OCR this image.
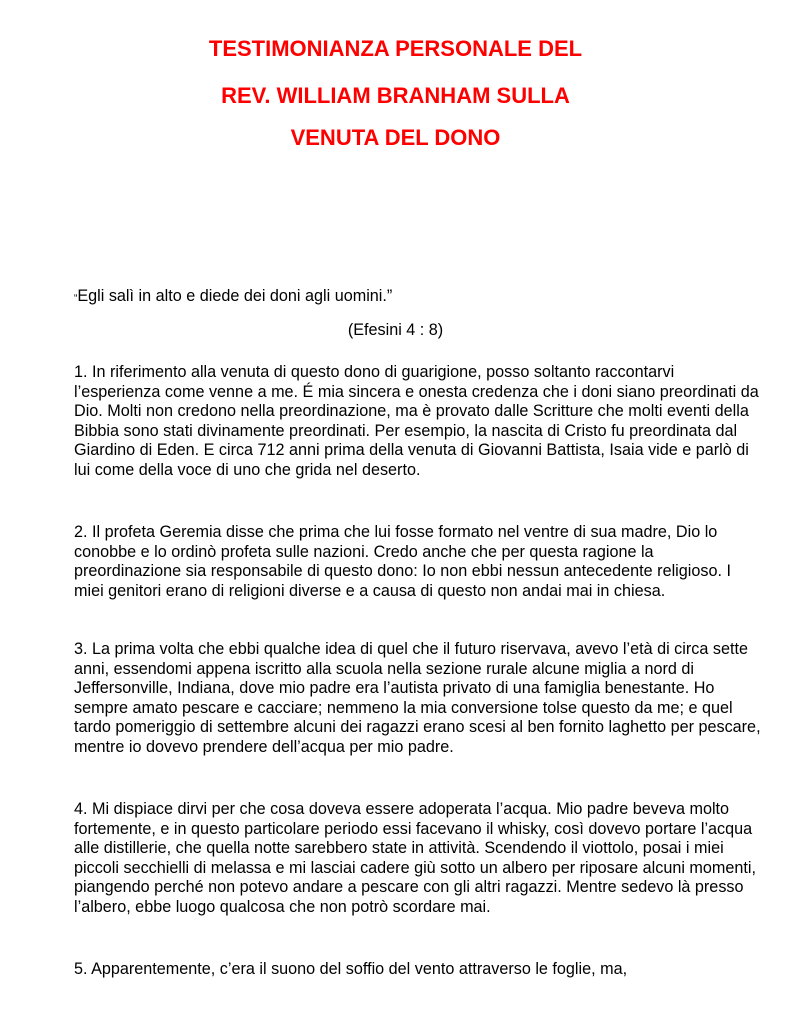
TESTIMONIANZA PERSONALE DEL
REV. WILLIAM BRANHAM SULLA
VENUTA DEL DONO

“Egli salì in alto e diede dei doni agli uomini.”

(Efesini 4 : 8)

1. In riferimento alla venuta di questo dono di guarigione, posso soltanto raccontarvi l’esperienza come venne a me. É mia sincera e onesta credenza che i doni siano preordinati da Dio. Molti non credono nella preordinazione, ma è provato dalle Scritture che molti eventi della Bibbia sono stati divinamente preordinati. Per esempio, la nascita di Cristo fu preordinata dal Giardino di Eden. E circa 712 anni prima della venuta di Giovanni Battista, Isaia vide e parlò di lui come della voce di uno che grida nel deserto.

2. Il profeta Geremia disse che prima che lui fosse formato nel ventre di sua madre, Dio lo conobbe e lo ordinò profeta sulle nazioni. Credo anche che per questa ragione la preordinazione sia responsabile di questo dono: Io non ebbi nessun antecedente religioso. I miei genitori erano di religioni diverse e a causa di questo non andai mai in chiesa.

3. La prima volta che ebbi qualche idea di quel che il futuro riservava, avevo l’età di circa sette anni, essendomi appena iscritto alla scuola nella sezione rurale alcune miglia a nord di Jeffersonville, Indiana, dove mio padre era l’autista privato di una famiglia benestante. Ho sempre amato pescare e cacciare; nemmeno la mia conversione tolse questo da me; e quel tardo pomeriggio di settembre alcuni dei ragazzi erano scesi al ben fornito laghetto per pescare, mentre io dovevo prendere dell’acqua per mio padre.

4. Mi dispiace dirvi per che cosa doveva essere adoperata l’acqua. Mio padre beveva molto fortemente, e in questo particolare periodo essi facevano il whisky, così dovevo portare l’acqua alle distillerie, che quella notte sarebbero state in attività. Scendendo il viottolo, posai i miei piccoli secchielli di melassa e mi lasciai cadere giù sotto un albero per riposare alcuni momenti, piangendo perché non potevo andare a pescare con gli altri ragazzi. Mentre sedevo là presso l’albero, ebbe luogo qualcosa che non potrò scordare mai.

5. Apparentemente, c’era il suono del soffio del vento attraverso le foglie, ma,
